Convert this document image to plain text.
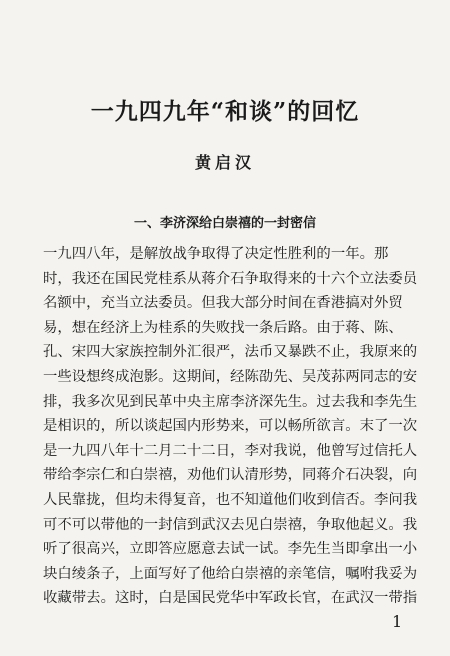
一九四九年“和谈”的回忆
黄启汉
一、李济深给白崇禧的一封密信
一九四八年，是解放战争取得了决定性胜利的一年。那
时，我还在国民党桂系从蒋介石争取得来的十六个立法委员
名额中，充当立法委员。但我大部分时间在香港搞对外贸
易，想在经济上为桂系的失败找一条后路。由于蒋、陈、
孔、宋四大家族控制外汇很严，法币又暴跌不止，我原来的
一些设想终成泡影。这期间，经陈劭先、吴茂荪两同志的安
排，我多次见到民革中央主席李济深先生。过去我和李先生
是相识的，所以谈起国内形势来，可以畅所欲言。末了一次
是一九四八年十二月二十二日，李对我说，他曾写过信托人
带给李宗仁和白崇禧，劝他们认清形势，同蒋介石决裂，向
人民靠拢，但均未得复音，也不知道他们收到信否。李问我
可不可以带他的一封信到武汉去见白崇禧，争取他起义。我
听了很高兴，立即答应愿意去试一试。李先生当即拿出一小
块白绫条子，上面写好了他给白崇禧的亲笔信，嘱咐我妥为
收藏带去。这时，白是国民党华中军政长官，在武汉一带指
1
